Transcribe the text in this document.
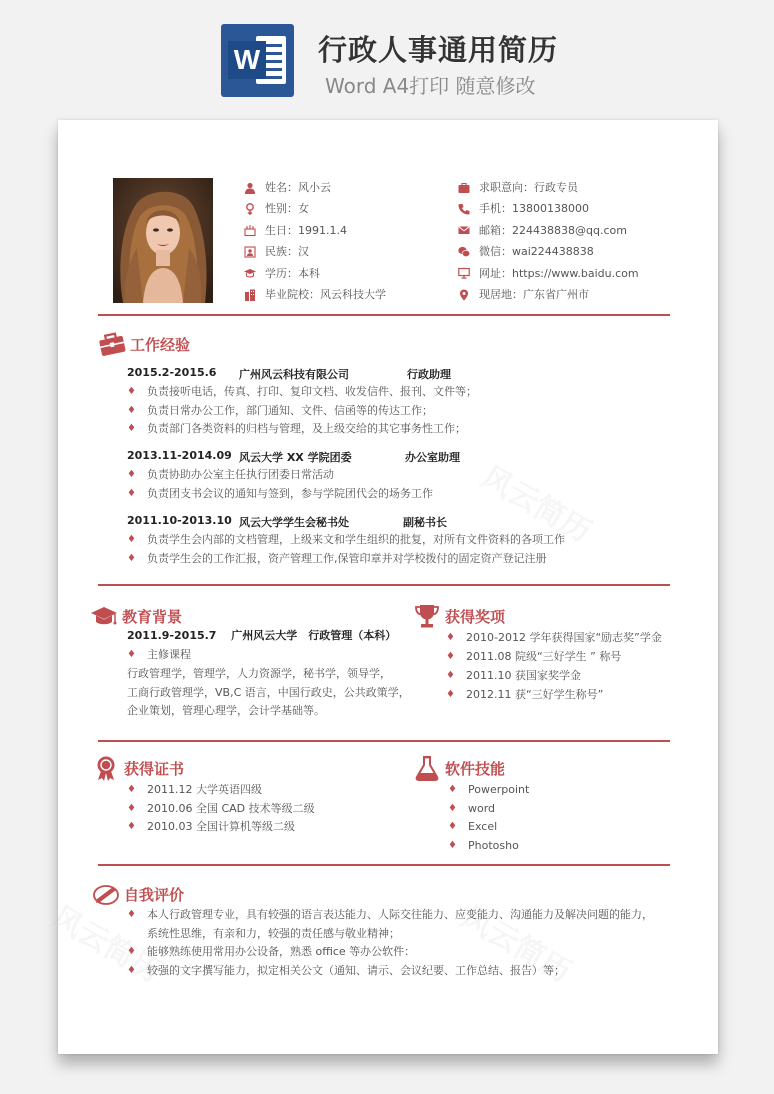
W 行政人事通用简历
Word A4打印 随意修改
风云简历
风云简历
风云简历
姓名：风小云
性别：女
生日：1991.1.4
民族：汉
学历：本科
毕业院校：风云科技大学
求职意向：行政专员
手机：13800138000
邮箱：224438838@qq.com
微信：wai224438838
网址：https://www.baidu.com
现居地：广东省广州市
工作经验
2015.2-2015.6 广州风云科技有限公司	行政助理
♦ 负责接听电话，传真、打印、复印文档、收发信件、报刊、文件等；
♦ 负责日常办公工作，部门通知、文件、信函等的传达工作；
♦ 负责部门各类资料的归档与管理，及上级交给的其它事务性工作；
2013.11-2014.09 风云大学 XX 学院团委	办公室助理
♦ 负责协助办公室主任执行团委日常活动
♦ 负责团支书会议的通知与签到，参与学院团代会的场务工作
2011.10-2013.10 风云大学学生会秘书处	副秘书长
♦ 负责学生会内部的文档管理，上级来文和学生组织的批复，对所有文件资料的各项工作
♦ 负责学生会的工作汇报，资产管理工作,保管印章并对学校拨付的固定资产登记注册
教育背景
2011.9-2015.7　 广州风云大学　行政管理（本科）
♦ 主修课程
行政管理学，管理学，人力资源学，秘书学，领导学，
工商行政管理学，VB,C 语言，中国行政史，公共政策学，
企业策划，管理心理学，会计学基础等。
获得奖项
♦ 2010-2012 学年获得国家“励志奖”学金
♦ 2011.08 院级“三好学生 ” 称号
♦ 2011.10 获国家奖学金
♦ 2012.11 获“三好学生称号”
获得证书
♦ 2011.12 大学英语四级
♦ 2010.06 全国 CAD 技术等级二级
♦ 2010.03 全国计算机等级二级
软件技能
♦ Powerpoint
♦ word
♦ Excel
♦ Photosho
自我评价
♦ 本人行政管理专业，具有较强的语言表达能力、人际交往能力、应变能力、沟通能力及解决问题的能力，
系统性思维，有亲和力，较强的责任感与敬业精神；
♦ 能够熟练使用常用办公设备，熟悉 office 等办公软件：
♦ 较强的文字撰写能力，拟定相关公文（通知、请示、会议纪要、工作总结、报告）等；
